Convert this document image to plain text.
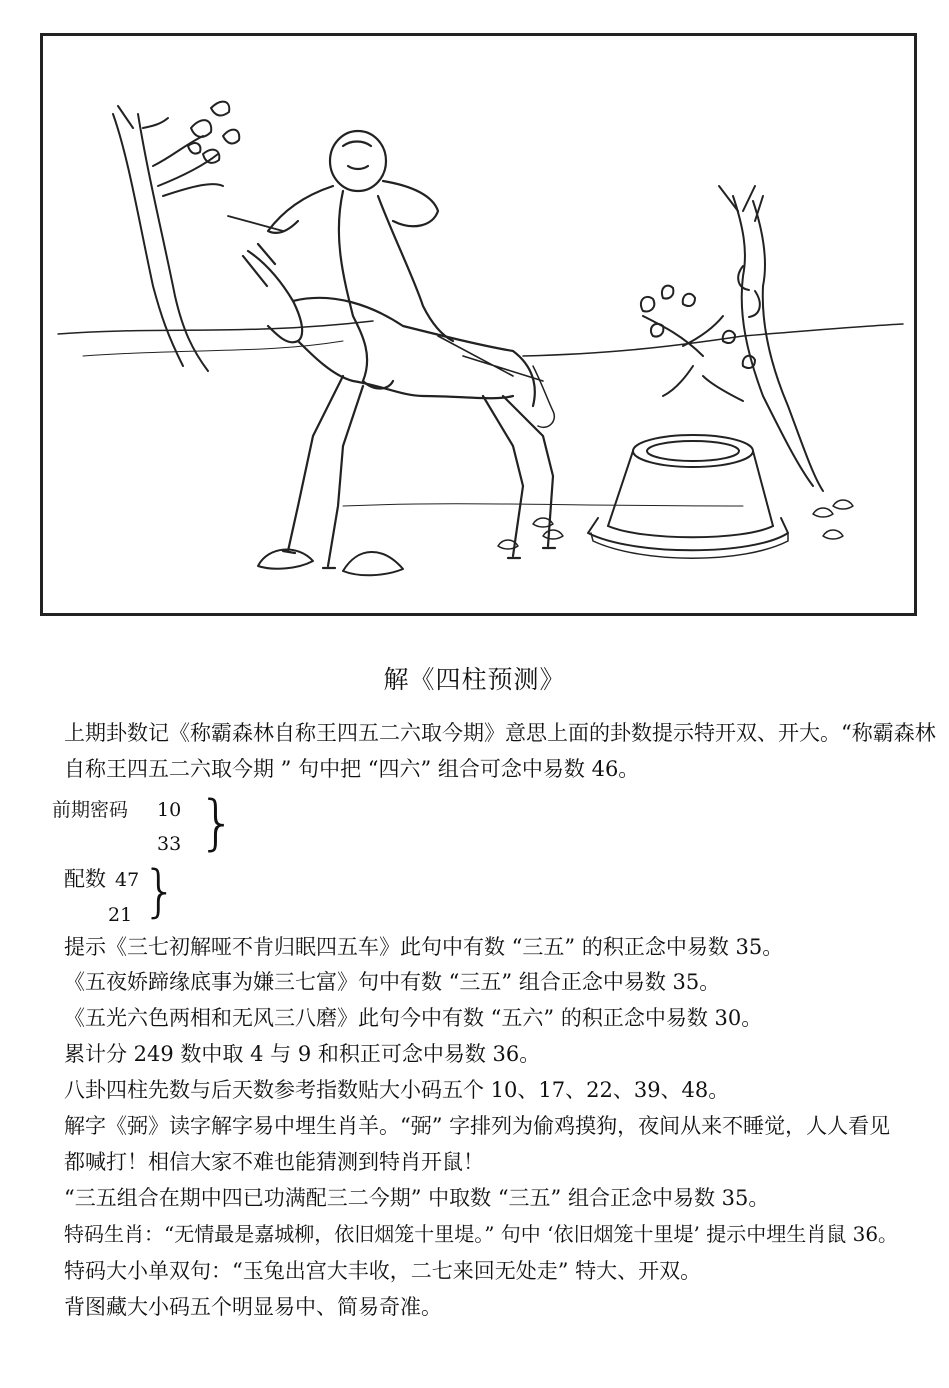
解《四柱预测》
上期卦数记《称霸森林自称王四五二六取今期》意思上面的卦数提示特开双、开大。“称霸森林
自称王四五二六取今期 ” 句中把 “四六” 组合可念中易数 46。
前期密码 10
33 }
配数 47
21 }
提示《三七初解哑不肯归眠四五车》此句中有数 “三五” 的积正念中易数 35。
《五夜娇蹄缘底事为嫌三七富》句中有数 “三五” 组合正念中易数 35。
《五光六色两相和无风三八磨》此句今中有数 “五六” 的积正念中易数 30。
累计分 249 数中取 4 与 9 和积正可念中易数 36。
八卦四柱先数与后天数参考指数贴大小码五个 10、17、22、39、48。
解字《弼》读字解字易中埋生肖羊。“弼” 字排列为偷鸡摸狗，夜间从来不睡觉，人人看见
都喊打！相信大家不难也能猜测到特肖开鼠！
“三五组合在期中四已功满配三二今期” 中取数 “三五” 组合正念中易数 35。
特码生肖：“无情最是嘉城柳，依旧烟笼十里堤。” 句中 ‘依旧烟笼十里堤’ 提示中埋生肖鼠 36。
特码大小单双句：“玉兔出宫大丰收，二七来回无处走” 特大、开双。
背图藏大小码五个明显易中、简易奇准。
